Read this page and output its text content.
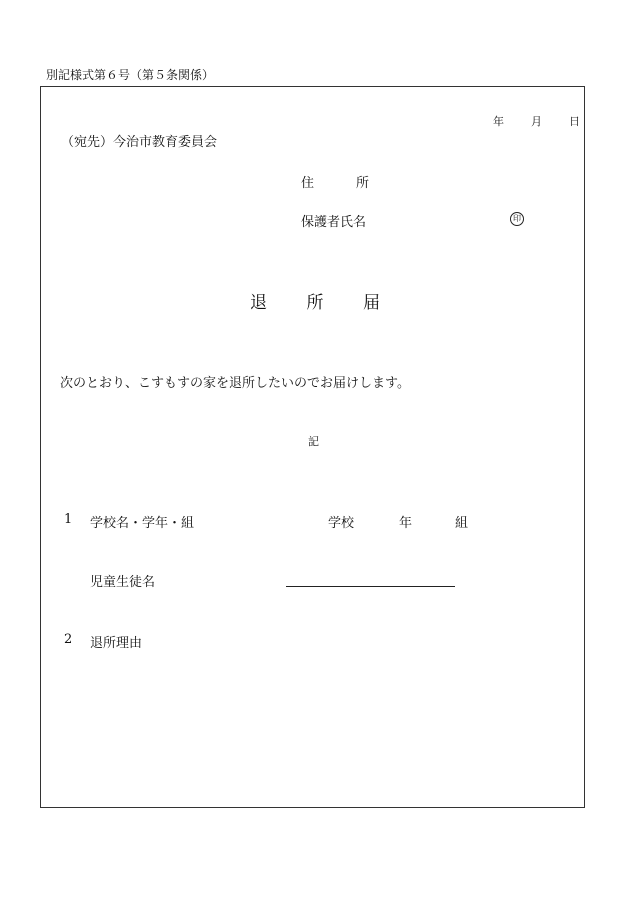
別記様式第６号（第５条関係）
年 月 日
（宛先）今治市教育委員会
住	所
保護者氏名	印
退 所 届
次のとおり、こすもすの家を退所したいのでお届けします。
記
1 学校名・学年・組	学校	年	組
児童生徒名
2 退所理由
